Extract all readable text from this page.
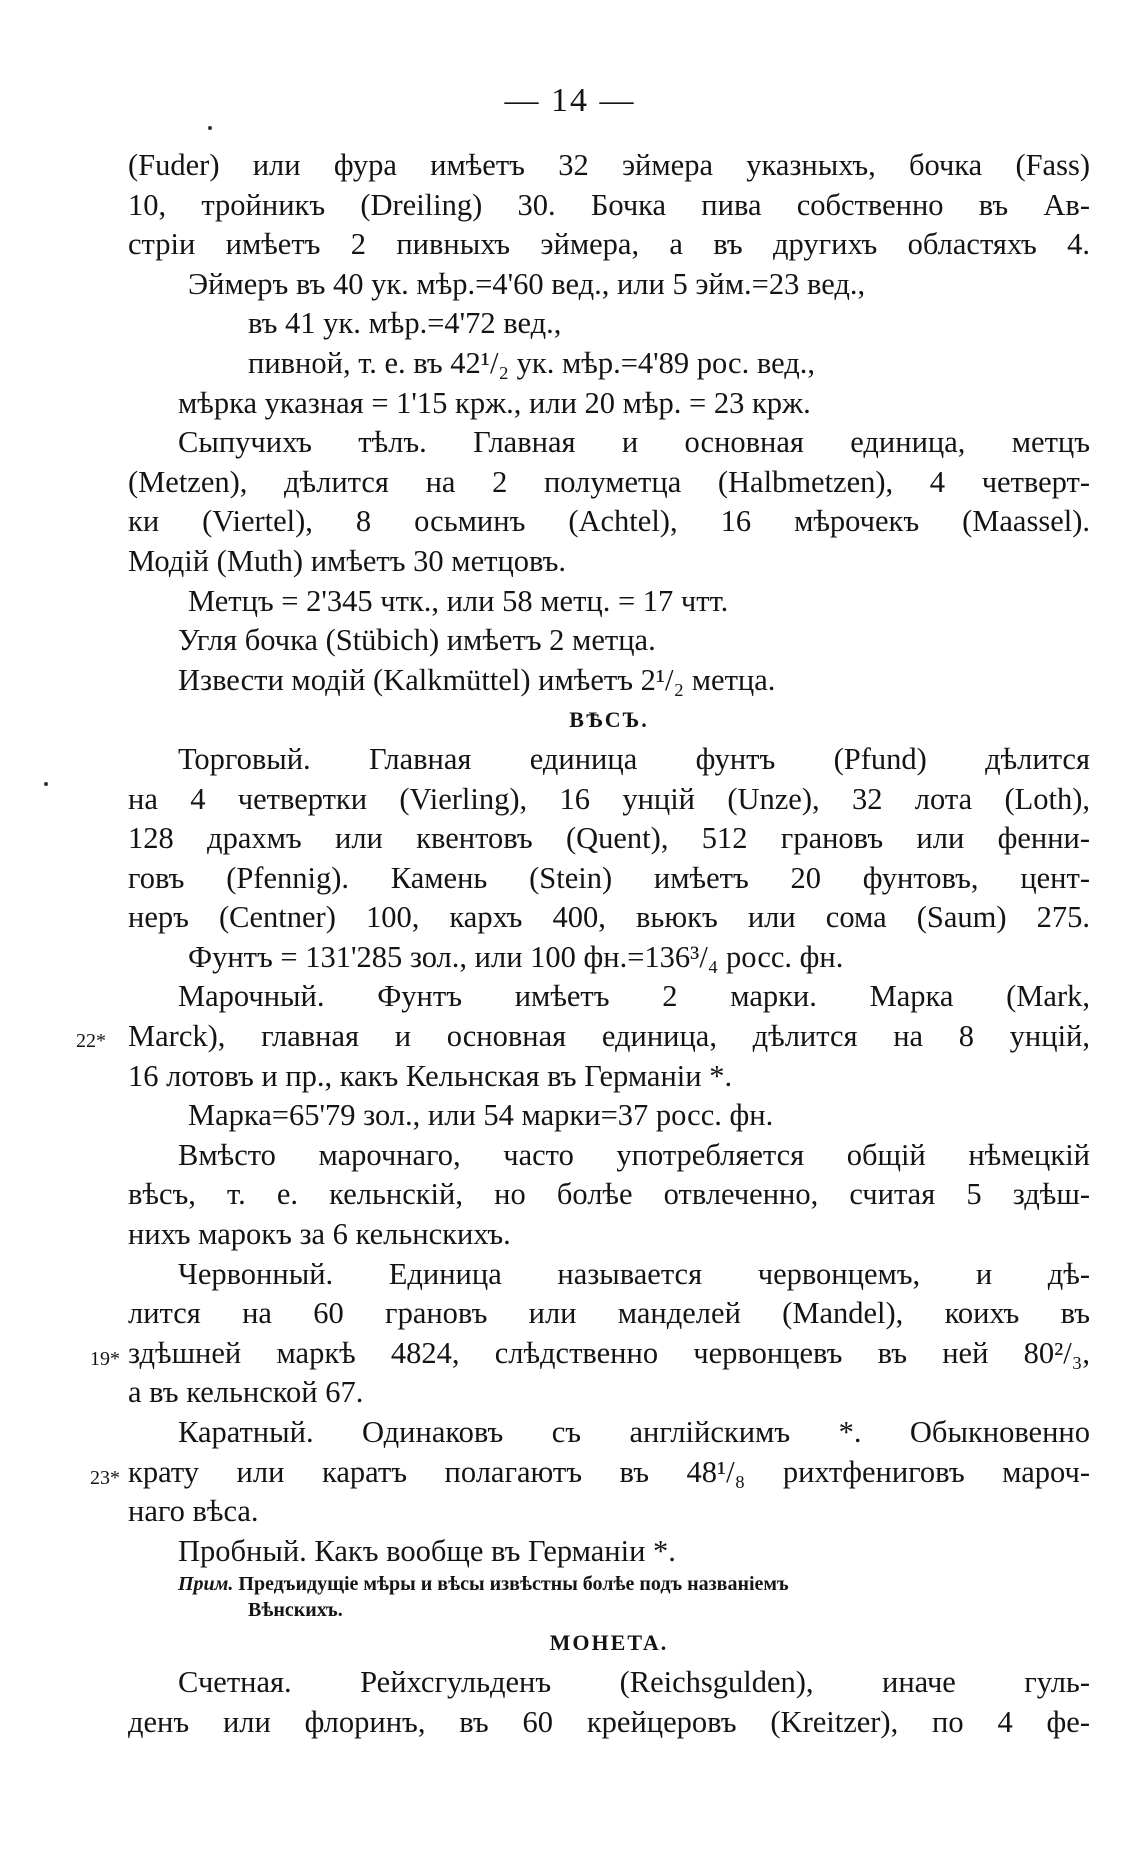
— 14 —
(Fuder) или фура имѣетъ 32 эймера указныхъ, бочка (Fass)
10, тройникъ (Dreiling) 30. Бочка пива собственно въ Ав-
стріи имѣетъ 2 пивныхъ эймера, а въ другихъ областяхъ 4.
Эймеръ въ 40 ук. мѣр.=4'60 вед., или 5 эйм.=23 вед.,
въ 41 ук. мѣр.=4'72 вед.,
пивной, т. е. въ 42¹/₂ ук. мѣр.=4'89 рос. вед.,
мѣрка указная = 1'15 крж., или 20 мѣр. = 23 крж.
Сыпучихъ тѣлъ. Главная и основная единица, метцъ
(Metzen), дѣлится на 2 полуметца (Halbmetzen), 4 четверт-
ки (Viertel), 8 осьминъ (Achtel), 16 мѣрочекъ (Maassel).
Модій (Muth) имѣетъ 30 метцовъ.
Метцъ = 2'345 чтк., или 58 метц. = 17 чтт.
Угля бочка (Stübich) имѣетъ 2 метца.
Извести модій (Kalkmüttel) имѣетъ 2¹/₂ метца.
ВѢСЪ.
Торговый. Главная единица фунтъ (Pfund) дѣлится
на 4 четвертки (Vierling), 16 унцій (Unze), 32 лота (Loth),
128 драхмъ или квентовъ (Quent), 512 грановъ или фенни-
говъ (Pfennig). Камень (Stein) имѣетъ 20 фунтовъ, цент-
неръ (Centner) 100, кархъ 400, вьюкъ или сома (Saum) 275.
Фунтъ = 131'285 зол., или 100 фн.=136³/₄ росс. фн.
Марочный. Фунтъ имѣетъ 2 марки. Марка (Mark,
Marck), главная и основная единица, дѣлится на 8 унцій,
16 лотовъ и пр., какъ Кельнская въ Германіи *.
Марка=65'79 зол., или 54 марки=37 росс. фн.
Вмѣсто марочнаго, часто употребляется общій нѣмецкій
вѣсъ, т. е. кельнскій, но болѣе отвлеченно, считая 5 здѣш-
нихъ марокъ за 6 кельнскихъ.
Червонный. Единица называется червонцемъ, и дѣ-
лится на 60 грановъ или манделей (Mandel), коихъ въ
здѣшней маркѣ 4824, слѣдственно червонцевъ въ ней 80²/₃,
а въ кельнской 67.
Каратный. Одинаковъ съ англійскимъ *. Обыкновенно
крату или каратъ полагаютъ въ 48¹/₈ рихтфениговъ мароч-
наго вѣса.
Пробный. Какъ вообще въ Германіи *.
Прим. Предъидущіе мѣры и вѣсы извѣстны болѣе подъ названіемъ
Вѣнскихъ.
МОНЕТА.
Счетная. Рейхсгульденъ (Reichsgulden), иначе гуль-
денъ или флоринъ, въ 60 крейцеровъ (Kreitzer), по 4 фе-
22*
19*
23*
